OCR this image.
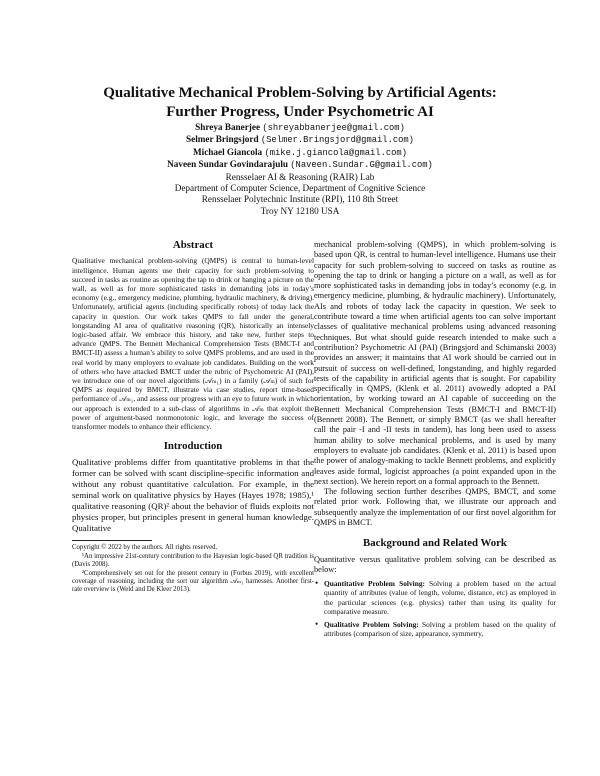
Qualitative Mechanical Problem-Solving by Artificial Agents:
Further Progress, Under Psychometric AI
Shreya Banerjee (shreyabbanerjee@gmail.com)
Selmer Bringsjord (Selmer.Bringsjord@gmail.com)
Michael Giancola (mike.j.giancola@gmail.com)
Naveen Sundar Govindarajulu (Naveen.Sundar.G@gmail.com)
Rensselaer AI & Reasoning (RAIR) Lab
Department of Computer Science, Department of Cognitive Science
Rensselaer Polytechnic Institute (RPI), 110 8th Street
Troy NY 12180 USA
Abstract

Qualitative mechanical problem-solving (QMPS) is central to human-level intelligence. Human agents use their capacity for such problem-solving to succeed in tasks as routine as opening the tap to drink or hanging a picture on the wall, as well as for more sophisticated tasks in demanding jobs in today’s economy (e.g., emergency medicine, plumbing, hydraulic machinery, & driving). Unfortunately, artificial agents (including specifically robots) of today lack the capacity in question. Our work takes QMPS to fall under the general, longstanding AI area of qualitative reasoning (QR), historically an intensely logic-based affair. We embrace this history, and take new, further steps to advance QMPS. The Bennett Mechanical Comprehension Tests (BMCT-I and BMCT-II) assess a human’s ability to solve QMPS problems, and are used in the real world by many employers to evaluate job candidates. Building on the work of others who have attacked BMCT under the rubric of Psychometric AI (PAI), we introduce one of our novel algorithms (𝒜ₘ₁) in a family (𝒜ₘ) of such for QMPS as required by BMCT, illustrate via case studies, report time-based performance of 𝒜ₘ₁, and assess our progress with an eye to future work in which our approach is extended to a sub-class of algorithms in 𝒜ₘ that exploit the power of argument-based nonmonotonic logic, and leverage the success of transformer models to enhance their efficiency.

Introduction

Qualitative problems differ from quantitative problems in that the former can be solved with scant discipline-specific information and without any robust quantitative calculation. For example, in the seminal work on qualitative physics by Hayes (Hayes 1978; 1985),¹ qualitative reasoning (QR)² about the behavior of fluids exploits not physics proper, but principles present in general human knowledge. Qualitative

Copyright © 2022 by the authors. All rights reserved.

¹An impressive 21st-century contribution to the Hayesian logic-based QR tradition is (Davis 2008).

²Comprehensively set out for the present century in (Forbus 2019), with excellent coverage of reasoning, including the sort our algorithm 𝒜ₘ₁ harnesses. Another first-rate overview is (Weld and De Kleer 2013).

mechanical problem-solving (QMPS), in which problem-solving is based upon QR, is central to human-level intelligence. Humans use their capacity for such problem-solving to succeed on tasks as routine as opening the tap to drink or hanging a picture on a wall, as well as for more sophisticated tasks in demanding jobs in today’s economy (e.g. in emergency medicine, plumbing, & hydraulic machinery). Unfortunately, AIs and robots of today lack the capacity in question. We seek to contribute toward a time when artificial agents too can solve important classes of qualitative mechanical problems using advanced reasoning techniques. But what should guide research intended to make such a contribution? Psychometric AI (PAI) (Bringsjord and Schimanski 2003) provides an answer; it maintains that AI work should be carried out in pursuit of success on well-defined, longstanding, and highly regarded tests of the capability in artificial agents that is sought. For capability specifically in QMPS, (Klenk et al. 2011) avowedly adopted a PAI orientation, by working toward an AI capable of succeeding on the Bennett Mechanical Comprehension Tests (BMCT-I and BMCT-II) (Bennett 2008). The Bennett, or simply BMCT (as we shall hereafter call the pair -I and -II tests in tandem), has long been used to assess human ability to solve mechanical problems, and is used by many employers to evaluate job candidates. (Klenk et al. 2011) is based upon the power of analogy-making to tackle Bennett problems, and explicitly leaves aside formal, logicist approaches (a point expanded upon in the next section). We herein report on a formal approach to the Bennett.

The following section further describes QMPS, BMCT, and some related prior work. Following that, we illustrate our approach and subsequently analyze the implementation of our first novel algorithm for QMPS in BMCT.

Background and Related Work

Quantitative versus qualitative problem solving can be described as below:

• Quantitative Problem Solving: Solving a problem based on the actual quantity of attributes (value of length, volume, distance, etc) as employed in the particular sciences (e.g. physics) rather than using its quality for comparative measure.
• Qualitative Problem Solving: Solving a problem based on the quality of attributes (comparison of size, appearance, symmetry,
